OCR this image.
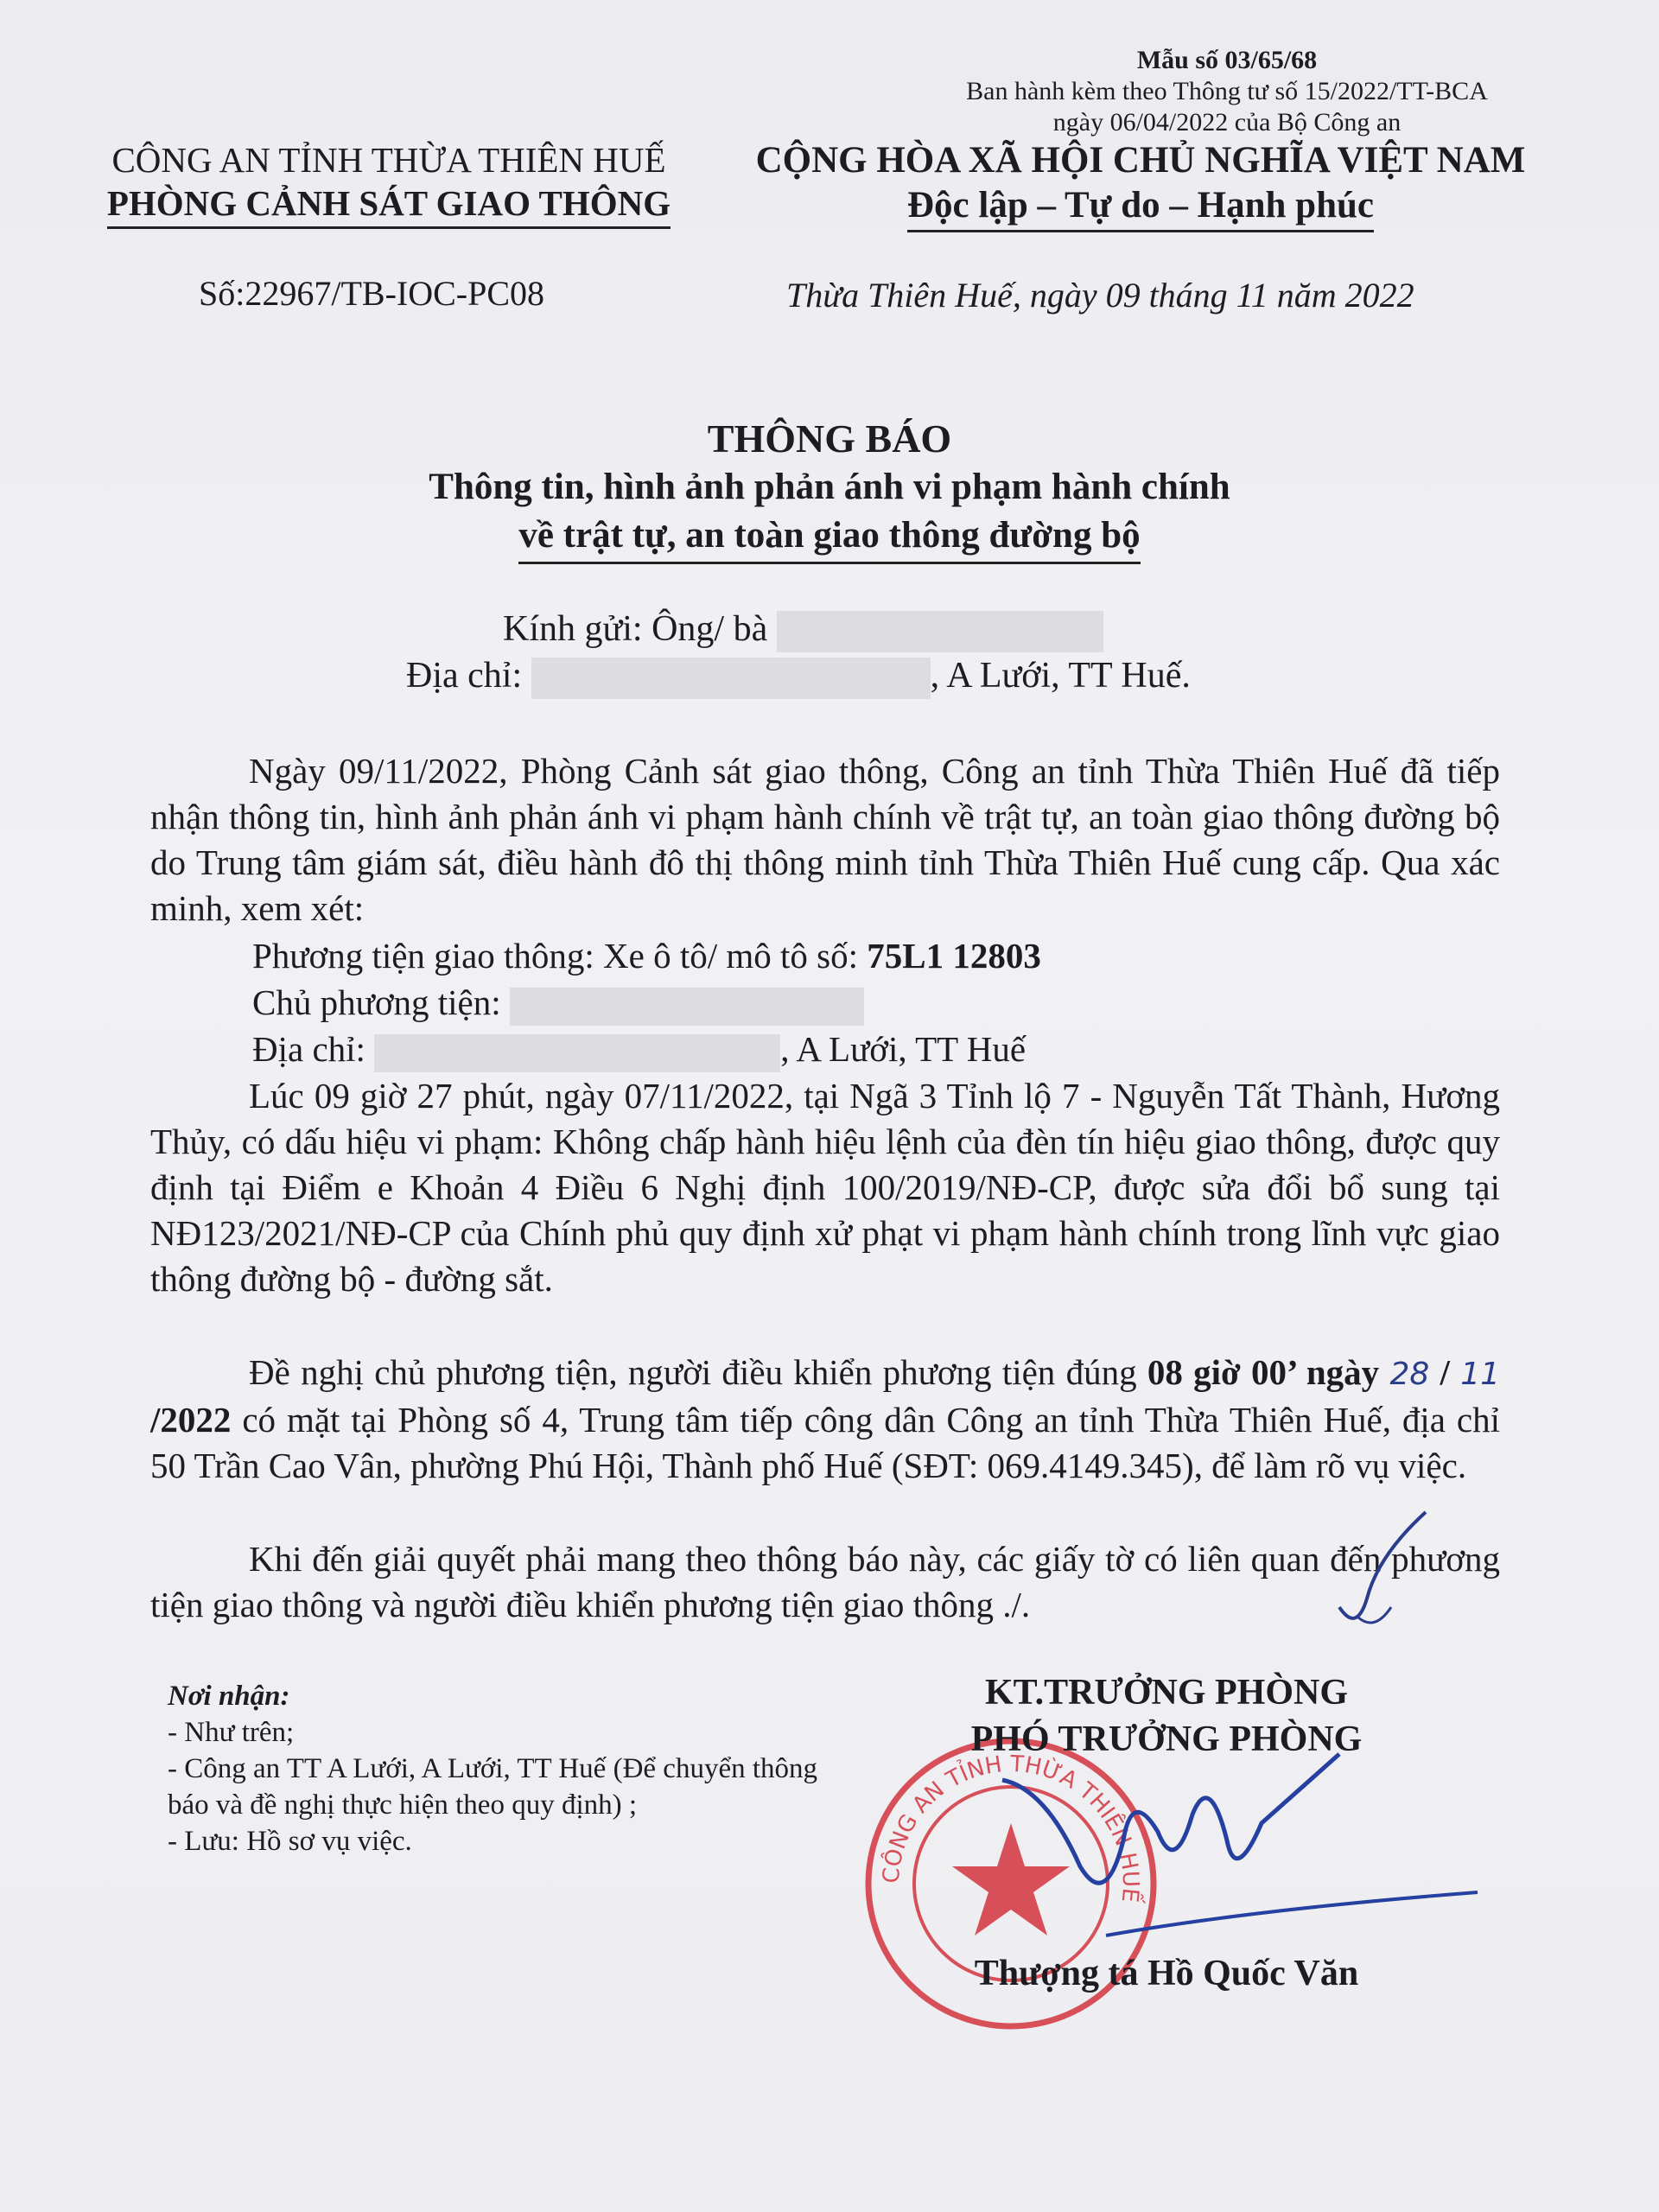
Mẫu số 03/65/68
Ban hành kèm theo Thông tư số 15/2022/TT-BCA
ngày 06/04/2022 của Bộ Công an
CÔNG AN TỈNH THỪA THIÊN HUẾ
PHÒNG CẢNH SÁT GIAO THÔNG
Số:22967/TB-IOC-PC08
CỘNG HÒA XÃ HỘI CHỦ NGHĨA VIỆT NAM
Độc lập – Tự do – Hạnh phúc
Thừa Thiên Huế, ngày 09 tháng 11 năm 2022
THÔNG BÁO
Thông tin, hình ảnh phản ánh vi phạm hành chính
về trật tự, an toàn giao thông đường bộ
Kính gửi: Ông/ bà
Địa chỉ:	, A Lưới, TT Huế.
Ngày 09/11/2022, Phòng Cảnh sát giao thông, Công an tỉnh Thừa Thiên Huế đã tiếp nhận thông tin, hình ảnh phản ánh vi phạm hành chính về trật tự, an toàn giao thông đường bộ do Trung tâm giám sát, điều hành đô thị thông minh tỉnh Thừa Thiên Huế cung cấp. Qua xác minh, xem xét:
Phương tiện giao thông: Xe ô tô/ mô tô số: 75L1 12803
Chủ phương tiện:
Địa chỉ:	, A Lưới, TT Huế
Lúc 09 giờ 27 phút, ngày 07/11/2022, tại Ngã 3 Tỉnh lộ 7 - Nguyễn Tất Thành, Hương Thủy, có dấu hiệu vi phạm: Không chấp hành hiệu lệnh của đèn tín hiệu giao thông, được quy định tại Điểm e Khoản 4 Điều 6 Nghị định 100/2019/NĐ-CP, được sửa đổi bổ sung tại NĐ123/2021/NĐ-CP của Chính phủ quy định xử phạt vi phạm hành chính trong lĩnh vực giao thông đường bộ - đường sắt.
Đề nghị chủ phương tiện, người điều khiển phương tiện đúng 08 giờ 00’ ngày 28 / 11 /2022 có mặt tại Phòng số 4, Trung tâm tiếp công dân Công an tỉnh Thừa Thiên Huế, địa chỉ 50 Trần Cao Vân, phường Phú Hội, Thành phố Huế (SĐT: 069.4149.345), để làm rõ vụ việc.
Khi đến giải quyết phải mang theo thông báo này, các giấy tờ có liên quan đến phương tiện giao thông và người điều khiển phương tiện giao thông ./.
Nơi nhận:
- Như trên;
- Công an TT A Lưới, A Lưới, TT Huế (Để chuyển thông báo và đề nghị thực hiện theo quy định) ;
- Lưu: Hồ sơ vụ việc.
CÔNG AN TỈNH THỪA THIÊN HUẾ
KT.TRƯỞNG PHÒNG
PHÓ TRƯỞNG PHÒNG
Thượng tá Hồ Quốc Văn
